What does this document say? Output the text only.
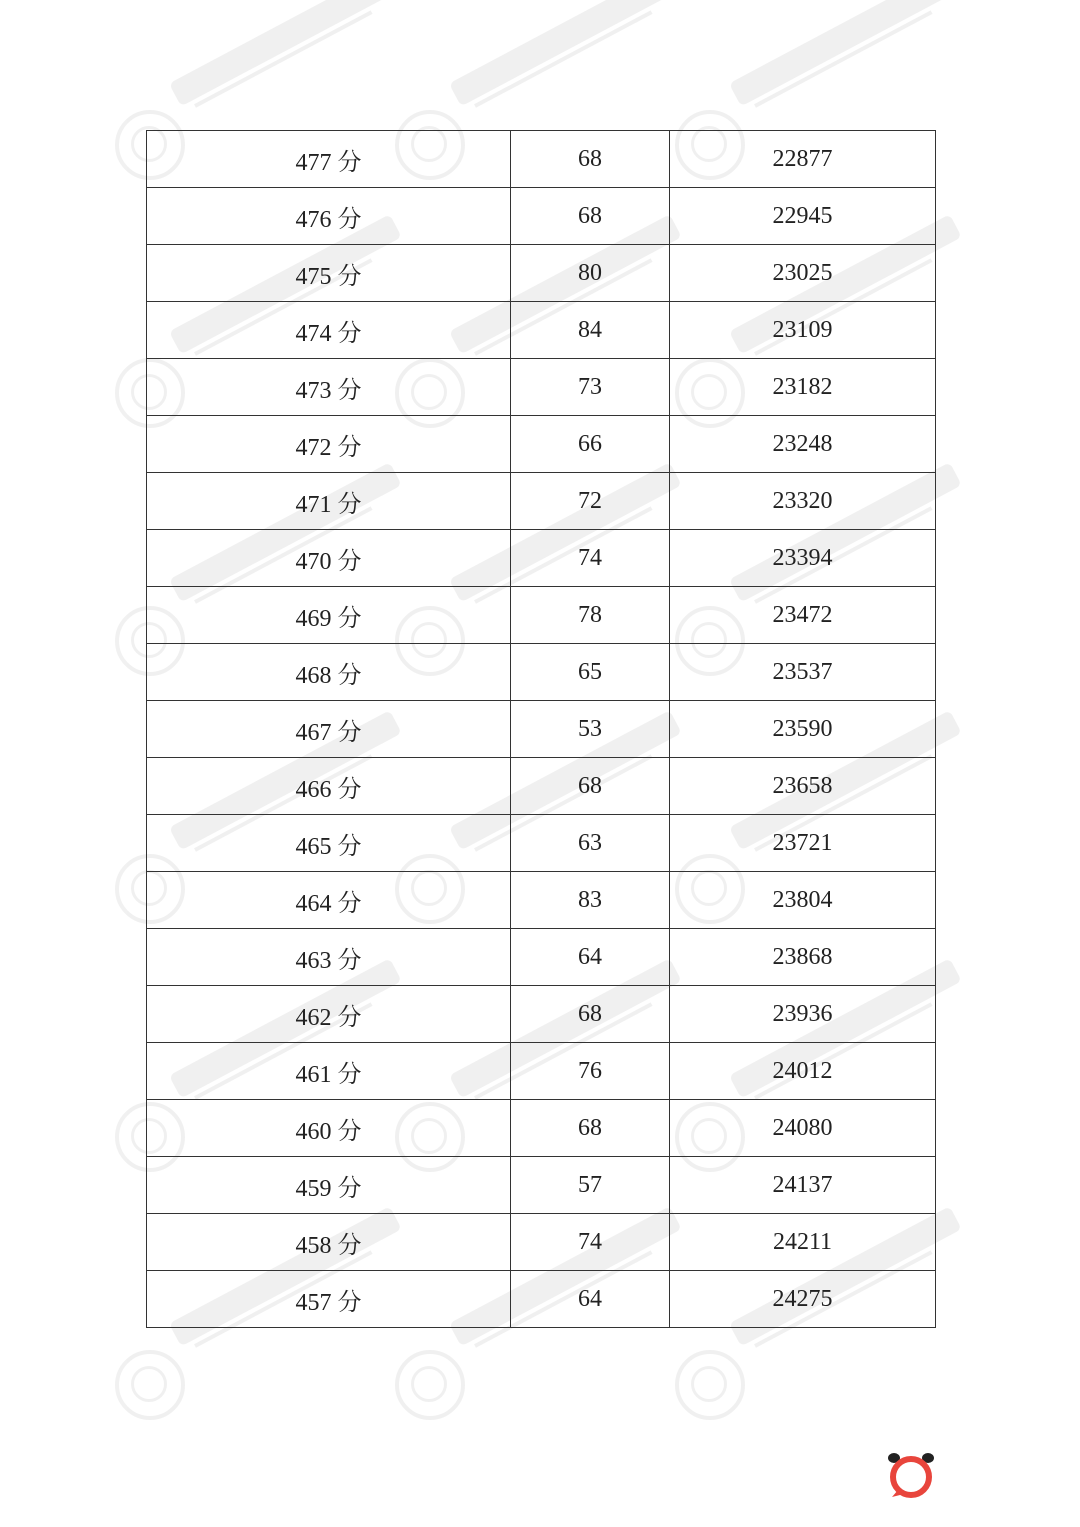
477 分	68	22877
476 分	68	22945
475 分	80	23025
474 分	84	23109
473 分	73	23182
472 分	66	23248
471 分	72	23320
470 分	74	23394
469 分	78	23472
468 分	65	23537
467 分	53	23590
466 分	68	23658
465 分	63	23721
464 分	83	23804
463 分	64	23868
462 分	68	23936
461 分	76	24012
460 分	68	24080
459 分	57	24137
458 分	74	24211
457 分	64	24275
